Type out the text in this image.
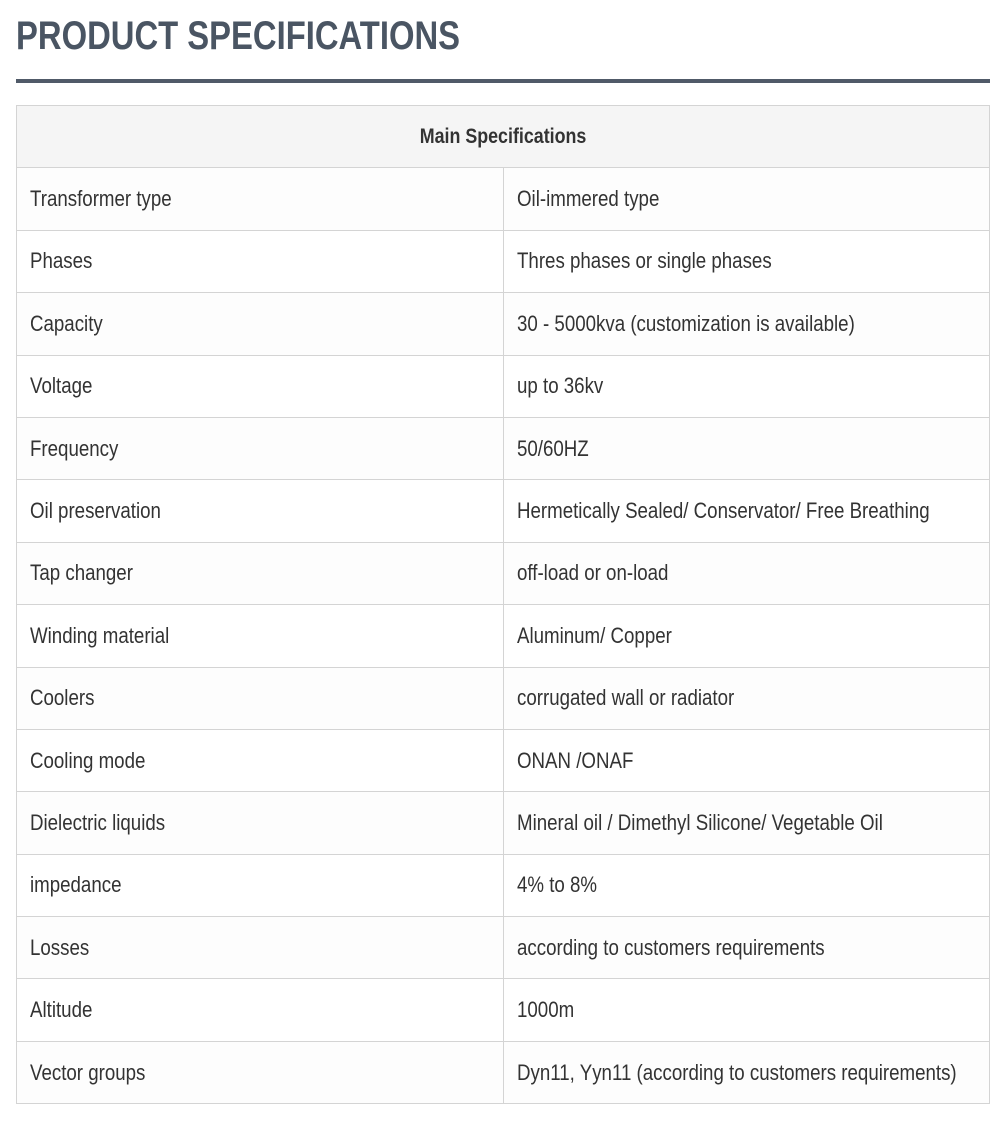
PRODUCT SPECIFICATIONS
Main Specifications	
Transformer type	Oil-immered type
Phases	Thres phases or single phases
Capacity	30 - 5000kva (customization is available)
Voltage	up to 36kv
Frequency	50/60HZ
Oil preservation	Hermetically Sealed/ Conservator/ Free Breathing
Tap changer	off-load or on-load
Winding material	Aluminum/ Copper
Coolers	corrugated wall or radiator
Cooling mode	ONAN /ONAF
Dielectric liquids	Mineral oil / Dimethyl Silicone/ Vegetable Oil
impedance	4% to 8%
Losses	according to customers requirements
Altitude	1000m
Vector groups	Dyn11, Yyn11 (according to customers requirements)
